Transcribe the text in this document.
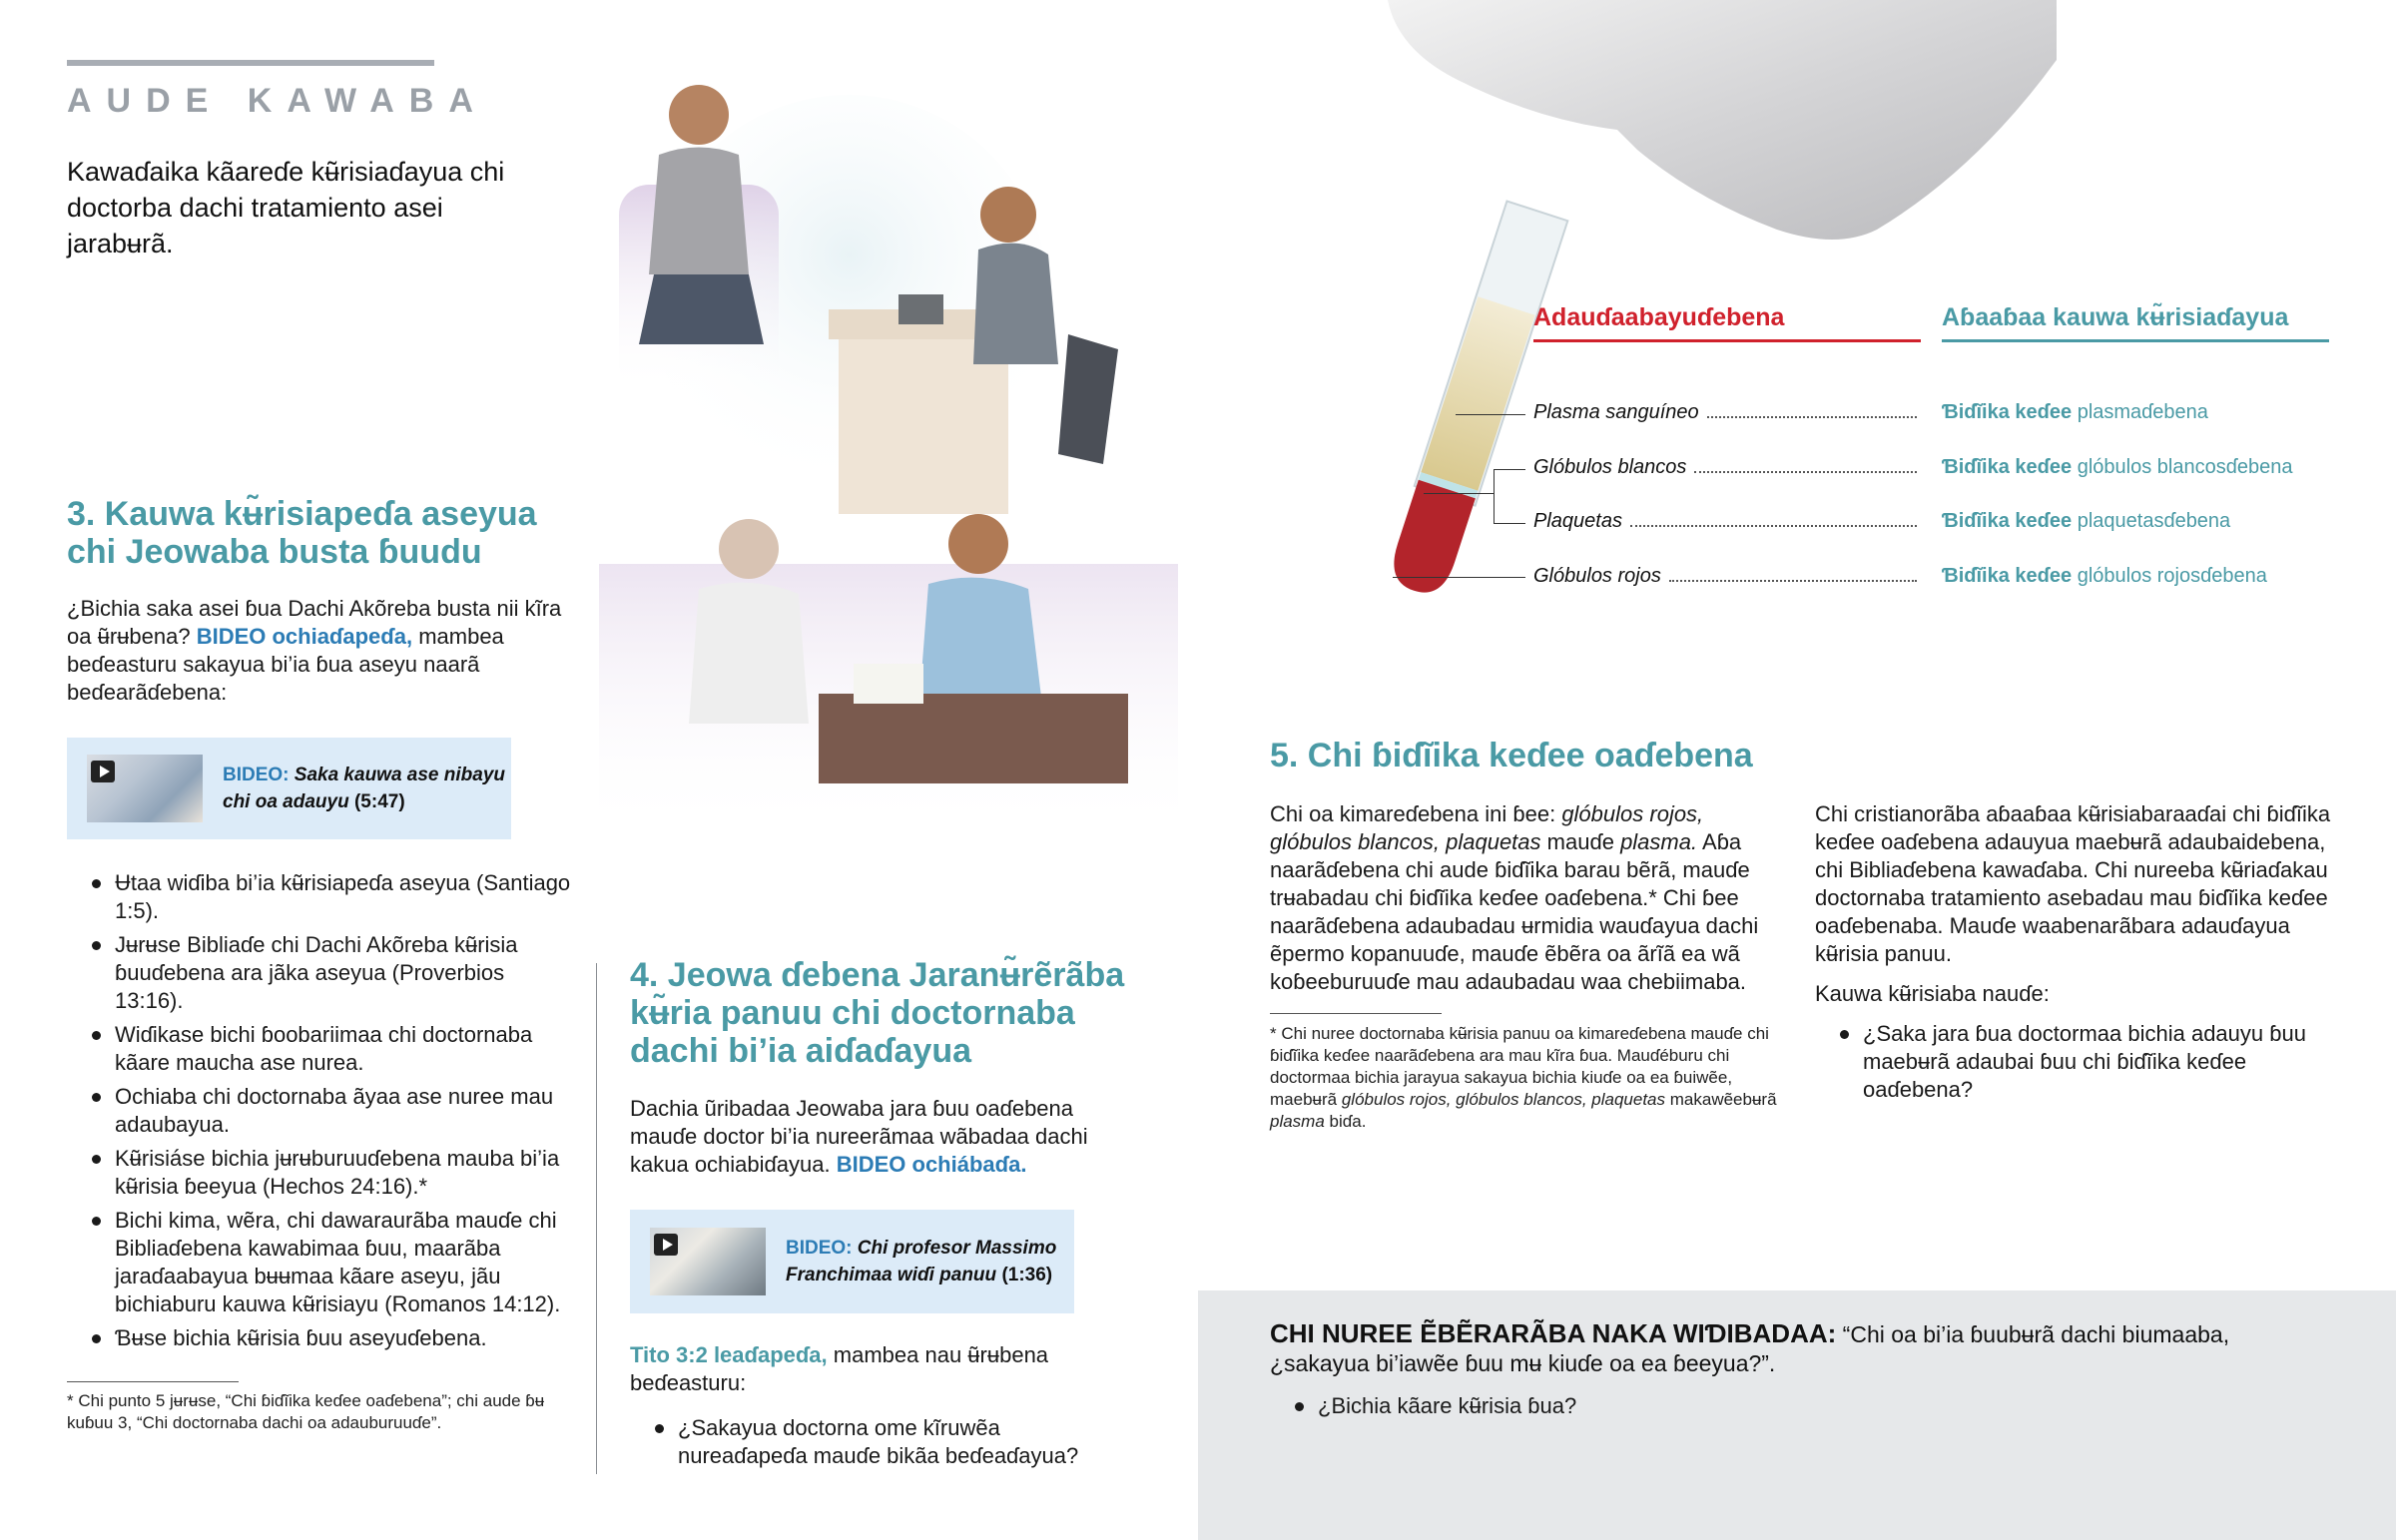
AUDE KAWABA
Kawaɗaika kãareɗe kʉ̃risiaɗayua chi doctorba dachi tratamiento asei jarabʉrã.
3. Kauwa kʉ̃risiapeɗa aseyua chi Jeowaba busta ɓuudu
¿Bichia saka asei ɓua Dachi Akõreba busta nii kĩra oa ʉ̃rʉbena? BIDEO ochiaɗapeɗa, mambea beɗeasturu sakayua bi’ia ɓua aseyu naarã beɗearãɗebena:
BIDEO: Saka kauwa ase nibayu chi oa adauyu (5:47)
Ʉtaa wiɗiba bi’ia kʉ̃risiapeɗa aseyua (Santiago 1:5).
Jʉrʉse Bibliaɗe chi Dachi Akõreba kʉ̃risia ɓuuɗebena ara jãka aseyua (Proverbios 13:16).
Wiɗikase bichi ɓoobariimaa chi doctornaba kãare maucha ase nurea.
Ochiaba chi doctornaba ãyaa ase nuree mau adaubayua.
Kʉ̃risiáse bichia jʉrʉburuuɗebena mauba bi’ia kʉ̃risia ɓeeyua (Hechos 24:16).*
Bichi kima, wẽra, chi dawaraurãba mauɗe chi Bibliaɗebena kawabimaa ɓuu, maarãba jaraɗaabayua bʉʉmaa kãare aseyu, jãu bichiaburu kauwa kʉ̃risiayu (Romanos 14:12).
Ɓʉse bichia kʉ̃risia ɓuu aseyuɗebena.
* Chi punto 5 jʉrʉse, “Chi ɓiɗĩika keɗee oaɗebena”; chi aude ɓʉ kuɓuu 3, “Chi doctornaba dachi oa adauburuuɗe”.
4. Jeowa ɗebena Jaranʉ̃rẽrãba kʉ̃ria panuu chi doctornaba dachi bi’ia aiɗaɗayua
Dachia ũribadaa Jeowaba jara ɓuu oaɗebena mauɗe doctor bi’ia nureerãmaa wãbadaa dachi kakua ochiabiɗayua. BIDEO ochiábaɗa.
BIDEO: Chi profesor Massimo Franchimaa wiɗi panuu (1:36)
Tito 3:2 leaɗapeɗa, mambea nau ʉ̃rʉbena beɗeasturu:
¿Sakayua doctorna ome kĩruwẽa nureaɗapeɗa mauɗe bikãa beɗeaɗayua?
Adauɗaabayuɗebena	Aɓaaɓaa kauwa kʉ̃risiaɗayua
Plasma sanguíneo	Ɓiɗĩika keɗee plasmaɗebena
Glóbulos blancos	Ɓiɗĩika keɗee glóbulos blancosɗebena
Plaquetas	Ɓiɗĩika keɗee plaquetasɗebena
Glóbulos rojos	Ɓiɗĩika keɗee glóbulos rojosɗebena
5. Chi ɓiɗĩika keɗee oaɗebena
Chi oa kimareɗebena ini ɓee: glóbulos rojos, glóbulos blancos, plaquetas mauɗe plasma. Aɓa naarãɗebena chi aude ɓiɗĩika barau bẽrã, mauɗe trʉabadau chi ɓiɗĩika keɗee oaɗebena.* Chi ɓee naarãɗebena adaubadau ʉrmidia wauɗayua dachi ẽpermo kopanuuɗe, mauɗe ẽbẽra oa ãrĩã ea wã koɓeeburuuɗe mau adaubadau waa chebiimaba.
* Chi nuree doctornaba kʉ̃risia panuu oa kimareɗebena mauɗe chi ɓiɗĩika keɗee naarãɗebena ara mau kĩra ɓua. Mauɗéburu chi doctormaa bichia jarayua sakayua bichia kiuɗe oa ea ɓuiwẽe, maebʉrã glóbulos rojos, glóbulos blancos, plaquetas makawẽebʉrã plasma biɗa.
Chi cristianorãba aɓaaɓaa kʉ̃risiabaraaɗai chi ɓiɗĩika keɗee oaɗebena adauyua maebʉrã adaubaidebena, chi Bibliaɗebena kawaɗaba. Chi nureeba kʉ̃riaɗakau doctornaba tratamiento asebadau mau ɓiɗĩika keɗee oaɗebenaba. Mauɗe waabenarãbara adauɗayua kʉ̃risia panuu.
Kauwa kʉ̃risiaba nauɗe:
¿Saka jara ɓua doctormaa bichia adauyu ɓuu maebʉrã adaubai ɓuu chi ɓiɗĩika keɗee oaɗebena?
CHI NUREE ẼBẼRARÃBA NAKA WIƊIBADAA: “Chi oa bi’ia ɓuubʉrã dachi biumaaba, ¿sakayua bi’iawẽe ɓuu mʉ kiuɗe oa ea ɓeeyua?”.
¿Bichia kãare kʉ̃risia ɓua?
